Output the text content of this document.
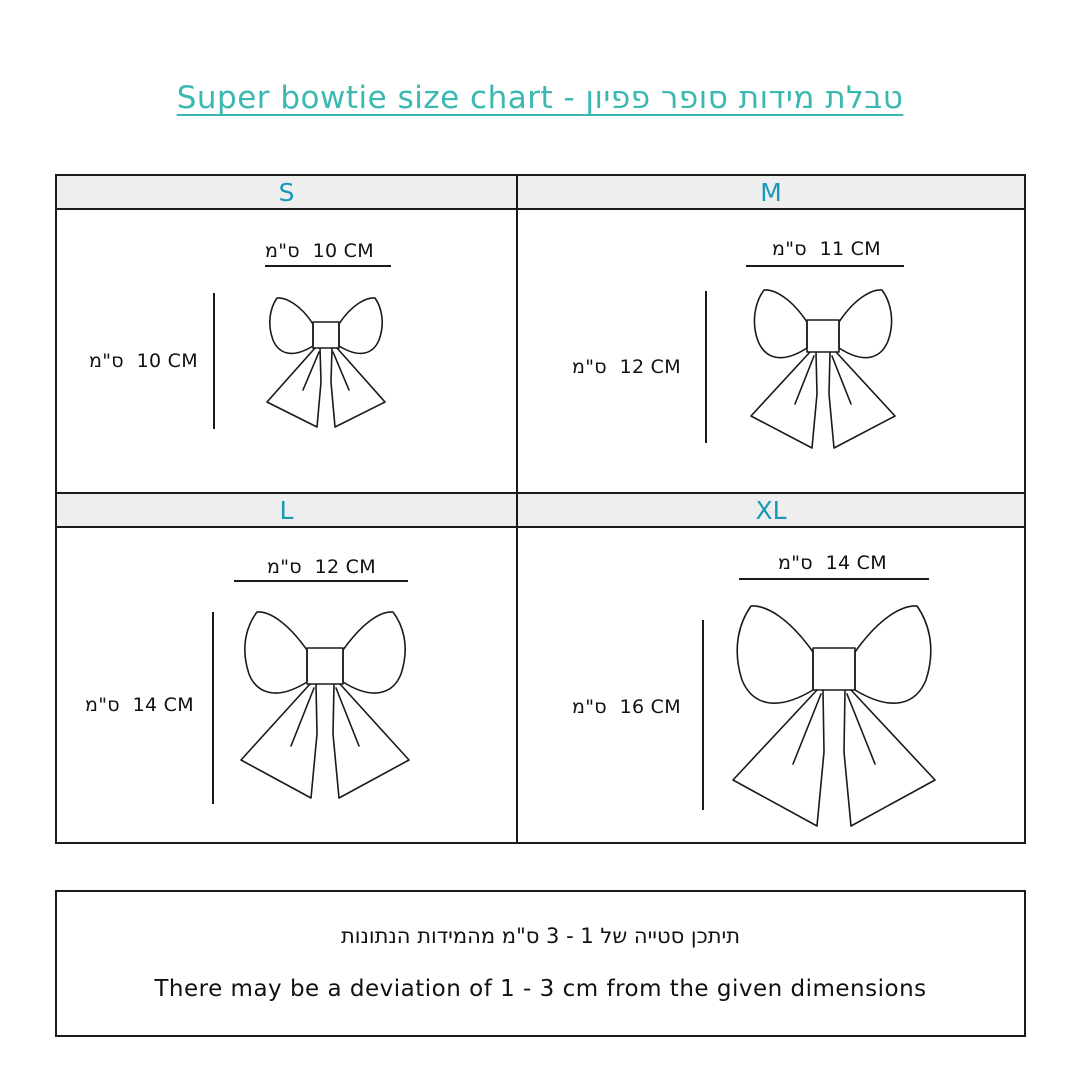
Super bowtie size chart - טבלת מידות סופר פפיון
S
ס"מ 10 CM
ס"מ 10 CM
M
ס"מ 11 CM
ס"מ 12 CM
L
ס"מ 12 CM
ס"מ 14 CM
XL
ס"מ 14 CM
ס"מ 16 CM
תיתכן סטייה של 1 - 3 ס"מ מהמידות הנתונות
There may be a deviation of 1 - 3 cm from the given dimensions
